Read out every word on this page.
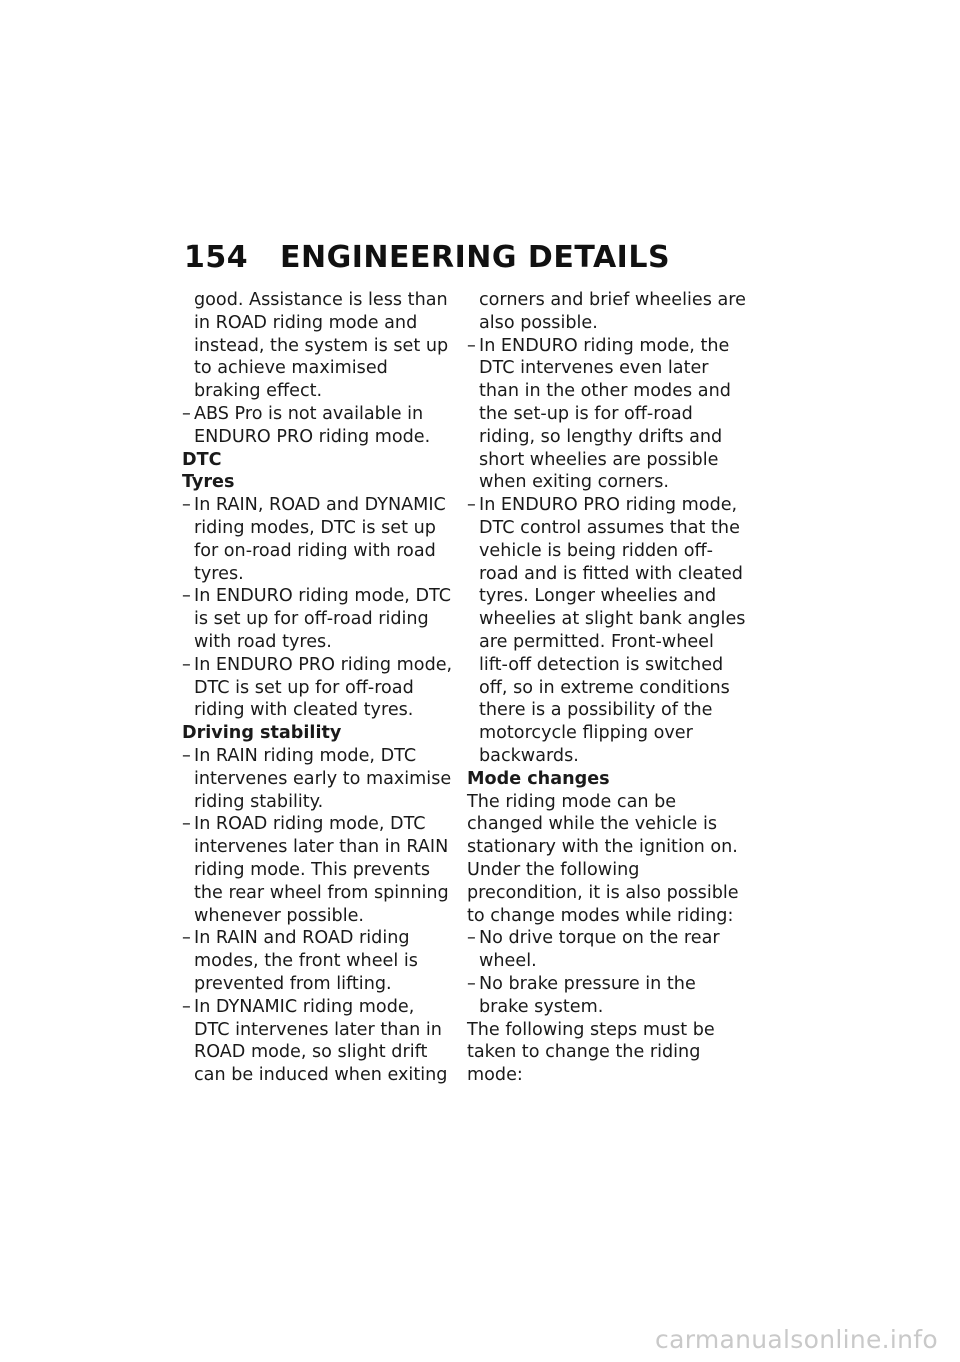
154 ENGINEERING DETAILS

good. Assistance is less than in ROAD riding mode and instead, the system is set up to achieve maximised braking effect.

– ABS Pro is not available in ENDURO PRO riding mode.

DTC

Tyres

– In RAIN, ROAD and DYNAMIC riding modes, DTC is set up for on-road riding with road tyres.
– In ENDURO riding mode, DTC is set up for off-road riding with road tyres.
– In ENDURO PRO riding mode, DTC is set up for off-road riding with cleated tyres.

Driving stability

– In RAIN riding mode, DTC intervenes early to maximise riding stability.
– In ROAD riding mode, DTC intervenes later than in RAIN riding mode. This prevents the rear wheel from spinning whenever possible.
– In RAIN and ROAD riding modes, the front wheel is prevented from lifting.
– In DYNAMIC riding mode, DTC intervenes later than in ROAD mode, so slight drift can be induced when exiting

corners and brief wheelies are also possible.

– In ENDURO riding mode, the DTC intervenes even later than in the other modes and the set-up is for off-road riding, so lengthy drifts and short wheelies are possible when exiting corners.
– In ENDURO PRO riding mode, DTC control assumes that the vehicle is being ridden off-road and is fitted with cleated tyres. Longer wheelies and wheelies at slight bank angles are permitted. Front-wheel lift-off detection is switched off, so in extreme conditions there is a possibility of the motorcycle flipping over backwards.

Mode changes

The riding mode can be changed while the vehicle is stationary with the ignition on. Under the following precondition, it is also possible to change modes while riding:

– No drive torque on the rear wheel.
– No brake pressure in the brake system.

The following steps must be taken to change the riding mode:

carmanualsonline.info
